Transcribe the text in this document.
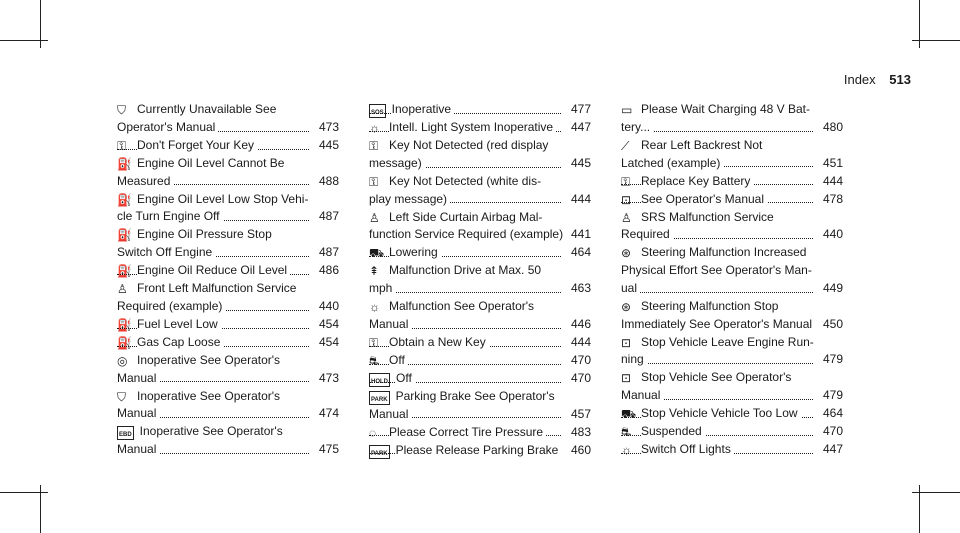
Index 513
⛉ Currently Unavailable See
Operator's Manual	473
⚿ Don't Forget Your Key	445
⛽ Engine Oil Level Cannot Be
Measured	488
⛽ Engine Oil Level Low Stop Vehi-
cle Turn Engine Off	487
⛽ Engine Oil Pressure Stop
Switch Off Engine	487
⛽ Engine Oil Reduce Oil Level	486
♙ Front Left Malfunction Service
Required (example)	440
⛽ Fuel Level Low	454
⛽ Gas Cap Loose	454
◎ Inoperative See Operator's
Manual	473
⛉ Inoperative See Operator's
Manual	474
EBD Inoperative See Operator's
Manual	475
SOS Inoperative	477
☼ Intell. Light System Inoperative 447
⚿ Key Not Detected (red display
message)	445
⚿ Key Not Detected (white dis-
play message)	444
♙ Left Side Curtain Airbag Mal-
function Service Required (example) 441
⛟ Lowering	464
⇞ Malfunction Drive at Max. 50
mph	463
☼ Malfunction See Operator's
Manual	446
⚿ Obtain a New Key	444
⛐ Off	470
HOLD Off	470
PARK Parking Brake See Operator's
Manual	457
◌ Please Correct Tire Pressure 483
PARK Please Release Parking Brake 460
▭ Please Wait Charging 48 V Bat-
tery...	480
⟋ Rear Left Backrest Not
Latched (example)	451
⚿ Replace Key Battery	444
⊡ See Operator's Manual	478
♙ SRS Malfunction Service
Required	440
⊛ Steering Malfunction Increased
Physical Effort See Operator's Man-
ual	449
⊛ Steering Malfunction Stop
Immediately See Operator's Manual 450
⊡ Stop Vehicle Leave Engine Run-
ning	479
⊡ Stop Vehicle See Operator's
Manual	479
⛟ Stop Vehicle Vehicle Too Low 464
⛐ Suspended	470
☼ Switch Off Lights	447
